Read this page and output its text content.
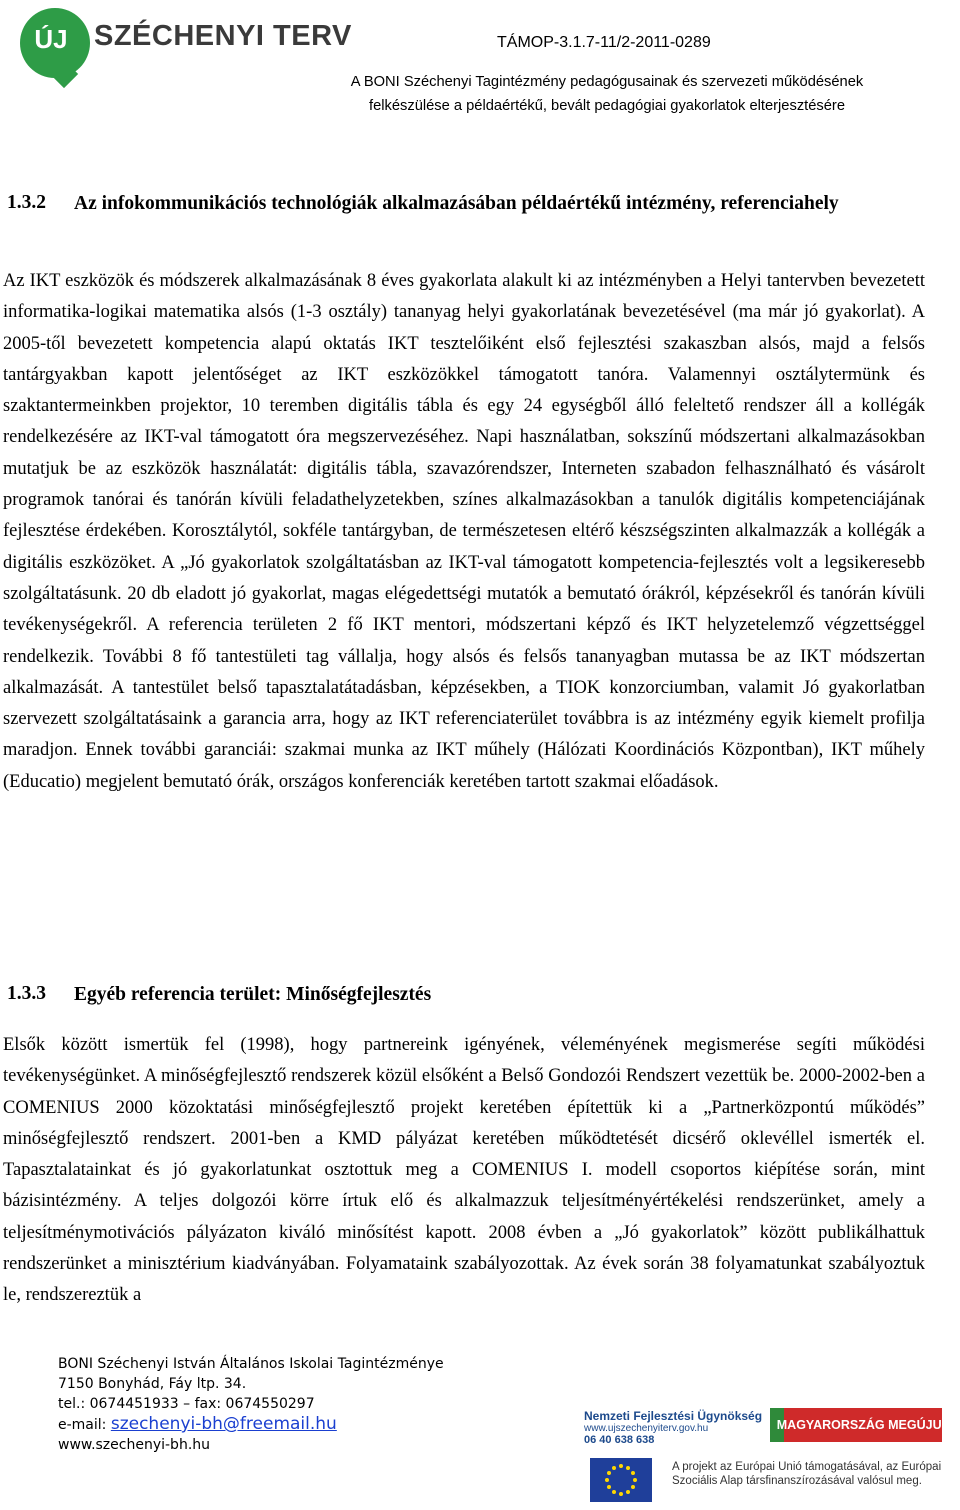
ÚJ SZÉCHENYI TERV	TÁMOP-3.1.7-11/2-2011-0289
A BONI Széchenyi Tagintézmény pedagógusainak és szervezeti működésének
felkészülése a példaértékű, bevált pedagógiai gyakorlatok elterjesztésére
1.3.2 Az infokommunikációs technológiák alkalmazásában példaértékű intézmény, referenciahely

Az IKT eszközök és módszerek alkalmazásának 8 éves gyakorlata alakult ki az intézményben a Helyi tantervben bevezetett informatika-logikai matematika alsós (1-3 osztály) tananyag helyi gyakorlatának bevezetésével (ma már jó gyakorlat). A 2005-től bevezetett kompetencia alapú oktatás IKT tesztelőiként első fejlesztési szakaszban alsós, majd a felsős tantárgyakban kapott jelentőséget az IKT eszközökkel támogatott tanóra. Valamennyi osztálytermünk és szaktantermeinkben projektor, 10 teremben digitális tábla és egy 24 egységből álló feleltető rendszer áll a kollégák rendelkezésére az IKT-val támogatott óra megszervezéséhez. Napi használatban, sokszínű módszertani alkalmazásokban mutatjuk be az eszközök használatát: digitális tábla, szavazórendszer, Interneten szabadon felhasználható és vásárolt programok tanórai és tanórán kívüli feladathelyzetekben, színes alkalmazásokban a tanulók digitális kompetenciájának fejlesztése érdekében. Korosztálytól, sokféle tantárgyban, de természetesen eltérő készségszinten alkalmazzák a kollégák a digitális eszközöket. A „Jó gyakorlatok szolgáltatásban az IKT-val támogatott kompetencia-fejlesztés volt a legsikeresebb szolgáltatásunk. 20 db eladott jó gyakorlat, magas elégedettségi mutatók a bemutató órákról, képzésekről és tanórán kívüli tevékenységekről. A referencia területen 2 fő IKT mentori, módszertani képző és IKT helyzetelemző végzettséggel rendelkezik. További 8 fő tantestületi tag vállalja, hogy alsós és felsős tananyagban mutassa be az IKT módszertan alkalmazását. A tantestület belső tapasztalatátadásban, képzésekben, a TIOK konzorciumban, valamit Jó gyakorlatban szervezett szolgáltatásaink a garancia arra, hogy az IKT referenciaterület továbbra is az intézmény egyik kiemelt profilja maradjon. Ennek további garanciái: szakmai munka az IKT műhely (Hálózati Koordinációs Központban), IKT műhely (Educatio) megjelent bemutató órák, országos konferenciák keretében tartott szakmai előadások.

1.3.3 Egyéb referencia terület: Minőségfejlesztés

Elsők között ismertük fel (1998), hogy partnereink igényének, véleményének megismerése segíti működési tevékenységünket. A minőségfejlesztő rendszerek közül elsőként a Belső Gondozói Rendszert vezettük be. 2000-2002-ben a COMENIUS 2000 közoktatási minőségfejlesztő projekt keretében építettük ki a „Partnerközpontú működés” minőségfejlesztő rendszert. 2001-ben a KMD pályázat keretében működtetését dicsérő oklevéllel ismerték el. Tapasztalatainkat és jó gyakorlatunkat osztottuk meg a COMENIUS I. modell csoportos kiépítése során, mint bázisintézmény. A teljes dolgozói körre írtuk elő és alkalmazzuk teljesítményértékelési rendszerünket, amely a teljesítménymotivációs pályázaton kiváló minősítést kapott. 2008 évben a „Jó gyakorlatok” között publikálhattuk rendszerünket a minisztérium kiadványában. Folyamataink szabályozottak. Az évek során 38 folyamatunkat szabályoztuk le, rendszereztük a

BONI Széchenyi István Általános Iskolai Tagintézménye
7150 Bonyhád, Fáy ltp. 34.
tel.: 0674451933 – fax: 0674550297
e-mail: szechenyi-bh@freemail.hu
www.szechenyi-bh.hu
Nemzeti Fejlesztési Ügynökség
www.ujszechenyiterv.gov.hu
06 40 638 638
MAGYARORSZÁG MEGÚJUL
A projekt az Európai Unió támogatásával, az Európai
Szociális Alap társfinanszírozásával valósul meg.
